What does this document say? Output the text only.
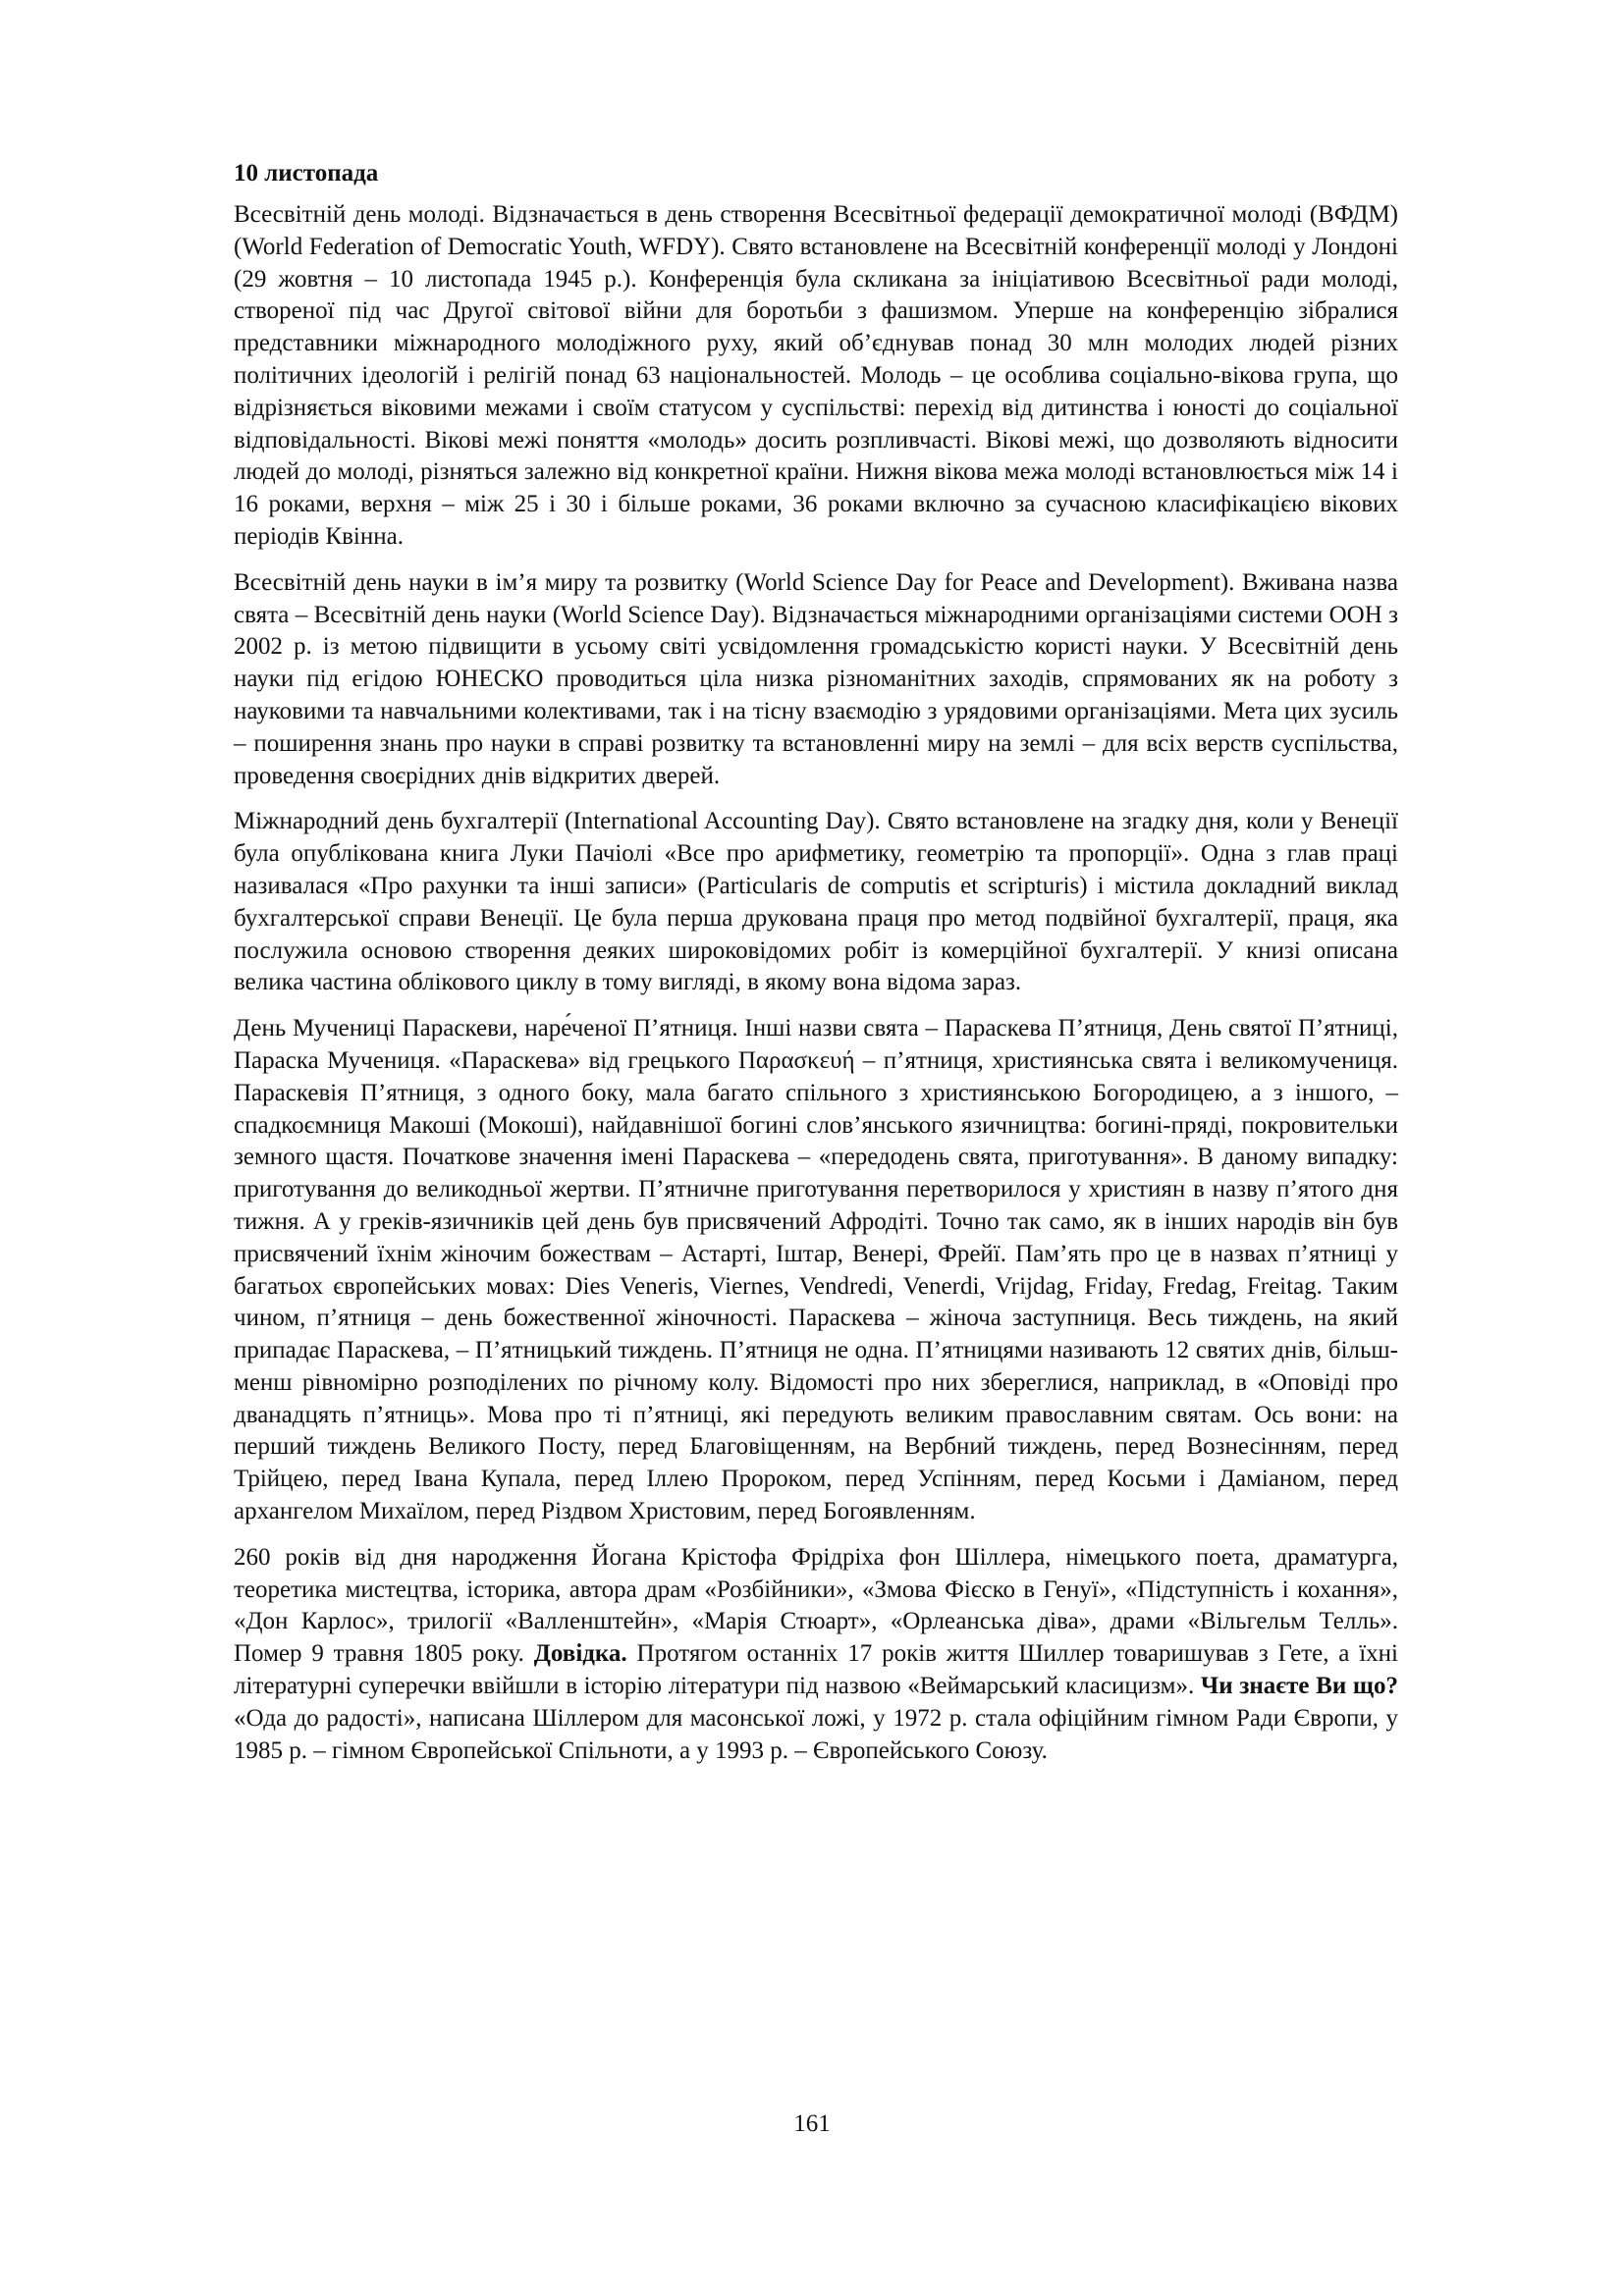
10 листопада

Всесвітній день молоді. Відзначається в день створення Всесвітньої федерації демократичної молоді (ВФДМ) (World Federation of Democratic Youth, WFDY). Свято встановлене на Всесвітній конференції молоді у Лондоні (29 жовтня – 10 листопада 1945 р.). Конференція була скликана за ініціативою Всесвітньої ради молоді, створеної під час Другої світової війни для боротьби з фашизмом. Уперше на конференцію зібралися представники міжнародного молодіжного руху, який об’єднував понад 30 млн молодих людей різних політичних ідеологій і релігій понад 63 національностей. Молодь – це особлива соціально-вікова група, що відрізняється віковими межами і своїм статусом у суспільстві: перехід від дитинства і юності до соціальної відповідальності. Вікові межі поняття «молодь» досить розпливчасті. Вікові межі, що дозволяють відносити людей до молоді, різняться залежно від конкретної країни. Нижня вікова межа молоді встановлюється між 14 і 16 роками, верхня – між 25 і 30 і більше роками, 36 роками включно за сучасною класифікацією вікових періодів Квінна.

Всесвітній день науки в ім’я миру та розвитку (World Science Day for Peace and Development). Вживана назва свята – Всесвітній день науки (World Science Day). Відзначається міжнародними організаціями системи ООН з 2002 р. із метою підвищити в усьому світі усвідомлення громадськістю користі науки. У Всесвітній день науки під егідою ЮНЕСКО проводиться ціла низка різноманітних заходів, спрямованих як на роботу з науковими та навчальними колективами, так і на тісну взаємодію з урядовими організаціями. Мета цих зусиль – поширення знань про науки в справі розвитку та встановленні миру на землі – для всіх верств суспільства, проведення своєрідних днів відкритих дверей.

Міжнародний день бухгалтерії (International Accounting Day). Свято встановлене на згадку дня, коли у Венеції була опублікована книга Луки Пачіолі «Все про арифметику, геометрію та пропорції». Одна з глав праці називалася «Про рахунки та інші записи» (Particularis de computis et scripturis) і містила докладний виклад бухгалтерської справи Венеції. Це була перша друкована праця про метод подвійної бухгалтерії, праця, яка послужила основою створення деяких широковідомих робіт із комерційної бухгалтерії. У книзі описана велика частина облікового циклу в тому вигляді, в якому вона відома зараз.

День Мучениці Параскеви, наре́ченої П’ятниця. Інші назви свята – Параскева П’ятниця, День святої П’ятниці, Параска Мучениця. «Параскева» від грецького Παρασκευή – п’ятниця, християнська свята і великомучениця. Параскевія П’ятниця, з одного боку, мала багато спільного з християнською Богородицею, а з іншого, – спадкоємниця Макоші (Мокоші), найдавнішої богині слов’янського язичництва: богині-пряді, покровительки земного щастя. Початкове значення імені Параскева – «передодень свята, приготування». В даному випадку: приготування до великодньої жертви. П’ятничне приготування перетворилося у християн в назву п’ятого дня тижня. А у греків-язичників цей день був присвячений Афродіті. Точно так само, як в інших народів він був присвячений їхнім жіночим божествам – Астарті, Іштар, Венері, Фрейї. Пам’ять про це в назвах п’ятниці у багатьох європейських мовах: Dies Veneris, Viernes, Vendredi, Venerdi, Vrijdag, Friday, Fredag, Freitag. Таким чином, п’ятниця – день божественної жіночності. Параскева – жіноча заступниця. Весь тиждень, на який припадає Параскева, – П’ятницький тиждень. П’ятниця не одна. П’ятницями називають 12 святих днів, більш-менш рівномірно розподілених по річному колу. Відомості про них збереглися, наприклад, в «Оповіді про дванадцять п’ятниць». Мова про ті п’ятниці, які передують великим православним святам. Ось вони: на перший тиждень Великого Посту, перед Благовіщенням, на Вербний тиждень, перед Вознесінням, перед Трійцею, перед Івана Купала, перед Іллею Пророком, перед Успінням, перед Косьми і Даміаном, перед архангелом Михаїлом, перед Різдвом Христовим, перед Богоявленням.

260 років від дня народження Йогана Крістофа Фрідріха фон Шіллера, німецького поета, драматурга, теоретика мистецтва, історика, автора драм «Розбійники», «Змова Фієско в Генуї», «Підступність і кохання», «Дон Карлос», трилогії «Валленштейн», «Марія Стюарт», «Орлеанська діва», драми «Вільгельм Телль». Помер 9 травня 1805 року. Довідка. Протягом останніх 17 років життя Шиллер товаришував з Гете, а їхні літературні суперечки ввійшли в історію літератури під назвою «Веймарський класицизм». Чи знаєте Ви що? «Ода до радості», написана Шіллером для масонської ложі, у 1972 р. стала офіційним гімном Ради Європи, у 1985 р. – гімном Європейської Спільноти, а у 1993 р. – Європейського Союзу.

161
